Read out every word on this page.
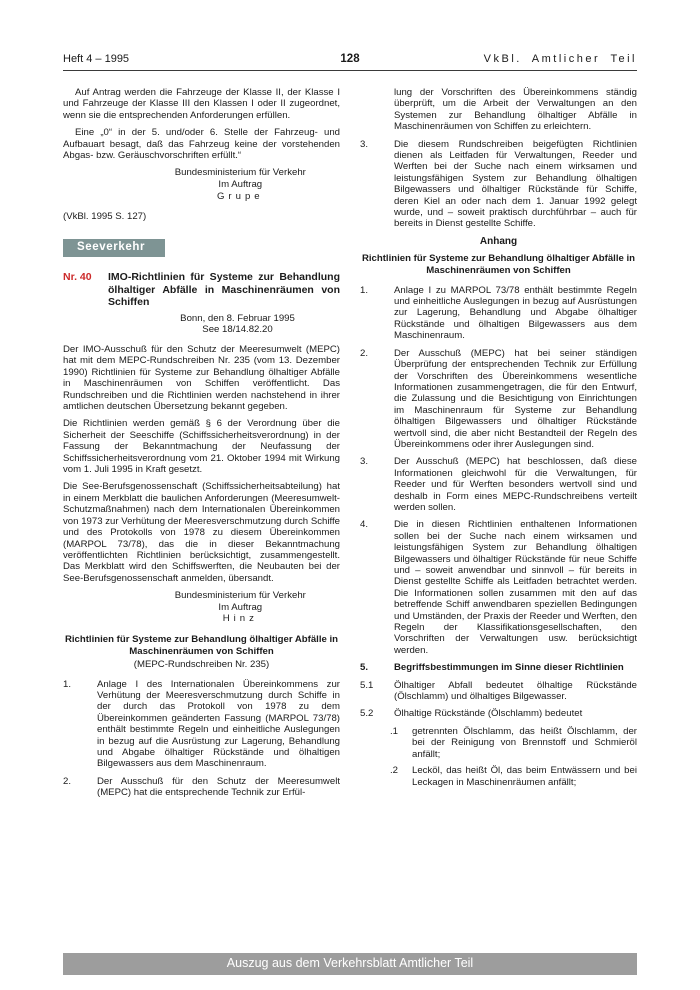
Heft 4 – 1995	128	VkBl. Amtlicher Teil

Auf Antrag werden die Fahrzeuge der Klasse II, der Klasse I und Fahrzeuge der Klasse III den Klassen I oder II zugeordnet, wenn sie die entsprechenden Anforderungen erfüllen.

Eine „0“ in der 5. und/oder 6. Stelle der Fahrzeug- und Aufbauart besagt, daß das Fahrzeug keine der vorstehenden Abgas- bzw. Geräuschvorschriften erfüllt.“

Bundesministerium für Verkehr
Im Auftrag
Grupe

(VkBl. 1995 S. 127)

Seeverkehr
Nr. 40	IMO-Richtlinien für Systeme zur Behandlung ölhaltiger Abfälle in Maschinenräumen von Schiffen
Bonn, den 8. Februar 1995
See 18/14.82.20

Der IMO-Ausschuß für den Schutz der Meeresumwelt (MEPC) hat mit dem MEPC-Rundschreiben Nr. 235 (vom 13. Dezember 1990) Richtlinien für Systeme zur Behandlung ölhaltiger Abfälle in Maschinenräumen von Schiffen veröffentlicht. Das Rundschreiben und die Richtlinien werden nachstehend in ihrer amtlichen deutschen Übersetzung bekannt gegeben.

Die Richtlinien werden gemäß § 6 der Verordnung über die Sicherheit der Seeschiffe (Schiffssicherheitsverordnung) in der Fassung der Bekanntmachung der Neufassung der Schiffssicherheitsverordnung vom 21. Oktober 1994 mit Wirkung vom 1. Juli 1995 in Kraft gesetzt.

Die See-Berufsgenossenschaft (Schiffssicherheitsabteilung) hat in einem Merkblatt die baulichen Anforderungen (Meeresumwelt-Schutzmaßnahmen) nach dem Internationalen Übereinkommen von 1973 zur Verhütung der Meeresverschmutzung durch Schiffe und des Protokolls von 1978 zu diesem Übereinkommen (MARPOL 73/78), das die in dieser Bekanntmachung veröffentlichten Richtlinien berücksichtigt, zusammengestellt. Das Merkblatt wird den Schiffswerften, die Neubauten bei der See-Berufsgenossenschaft anmelden, übersandt.

Bundesministerium für Verkehr
Im Auftrag
Hinz
Richtlinien für Systeme zur Behandlung ölhaltiger Abfälle in Maschinenräumen von Schiffen
(MEPC-Rundschreiben Nr. 235)
1.	Anlage I des Internationalen Übereinkommens zur Verhütung der Meeresverschmutzung durch Schiffe in der durch das Protokoll von 1978 zu dem Übereinkommen geänderten Fassung (MARPOL 73/78) enthält bestimmte Regeln und einheitliche Auslegungen in bezug auf die Ausrüstung zur Lagerung, Behandlung und Abgabe ölhaltiger Rückstände und ölhaltigen Bilgewassers aus dem Maschinenraum.
2.	Der Ausschuß für den Schutz der Meeresumwelt (MEPC) hat die entsprechende Technik zur Erfül-
lung der Vorschriften des Übereinkommens ständig überprüft, um die Arbeit der Verwaltungen an den Systemen zur Behandlung ölhaltiger Abfälle in Maschinenräumen von Schiffen zu erleichtern.
3.	Die diesem Rundschreiben beigefügten Richtlinien dienen als Leitfaden für Verwaltungen, Reeder und Werften bei der Suche nach einem wirksamen und leistungsfähigen System zur Behandlung ölhaltigen Bilgewassers und ölhaltiger Rückstände für Schiffe, deren Kiel an oder nach dem 1. Januar 1992 gelegt wurde, und – soweit praktisch durchführbar – auch für bereits in Dienst gestellte Schiffe.
Anhang
Richtlinien für Systeme zur Behandlung ölhaltiger Abfälle in Maschinenräumen von Schiffen
1.	Anlage I zu MARPOL 73/78 enthält bestimmte Regeln und einheitliche Auslegungen in bezug auf Ausrüstungen zur Lagerung, Behandlung und Abgabe ölhaltiger Rückstände und ölhaltigen Bilgewassers aus dem Maschinenraum.
2.	Der Ausschuß (MEPC) hat bei seiner ständigen Überprüfung der entsprechenden Technik zur Erfüllung der Vorschriften des Übereinkommens wesentliche Informationen zusammengetragen, die für den Entwurf, die Zulassung und die Besichtigung von Einrichtungen im Maschinenraum für Systeme zur Behandlung ölhaltigen Bilgewassers und ölhaltiger Rückstände wertvoll sind, die aber nicht Bestandteil der Regeln des Übereinkommens oder ihrer Auslegungen sind.
3.	Der Ausschuß (MEPC) hat beschlossen, daß diese Informationen gleichwohl für die Verwaltungen, für Reeder und für Werften besonders wertvoll sind und deshalb in Form eines MEPC-Rundschreibens verteilt werden sollen.
4.	Die in diesen Richtlinien enthaltenen Informationen sollen bei der Suche nach einem wirksamen und leistungsfähigen System zur Behandlung ölhaltigen Bilgewassers und ölhaltiger Rückstände für neue Schiffe und – soweit anwendbar und sinnvoll – für bereits in Dienst gestellte Schiffe als Leitfaden betrachtet werden. Die Informationen sollen zusammen mit den auf das betreffende Schiff anwendbaren speziellen Bedingungen und Umständen, der Praxis der Reeder und Werften, den Regeln der Klassifikationsgesellschaften, den Vorschriften der Verwaltungen usw. berücksichtigt werden.
5.	Begriffsbestimmungen im Sinne dieser Richtlinien
5.1	Ölhaltiger Abfall bedeutet ölhaltige Rückstände (Ölschlamm) und ölhaltiges Bilgewasser.
5.2	Ölhaltige Rückstände (Ölschlamm) bedeutet
.1	getrennten Ölschlamm, das heißt Ölschlamm, der bei der Reinigung von Brennstoff und Schmieröl anfällt;
.2	Lecköl, das heißt Öl, das beim Entwässern und bei Leckagen in Maschinenräumen anfällt;
Auszug aus dem Verkehrsblatt Amtlicher Teil
